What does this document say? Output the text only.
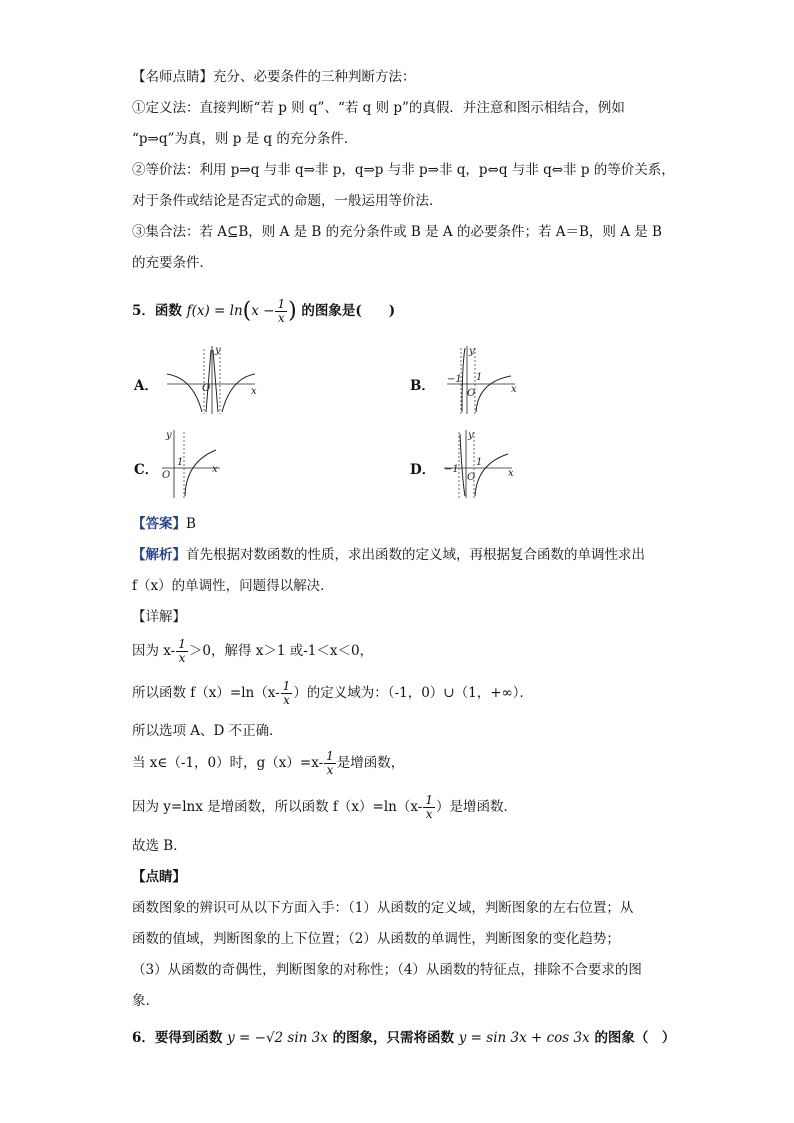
【名师点睛】充分、必要条件的三种判断方法：
①定义法：直接判断“若 p 则 q”、“若 q 则 p”的真假．并注意和图示相结合，例如
“p⇒q”为真，则 p 是 q 的充分条件．
②等价法：利用 p⇒q 与非 q⇒非 p，q⇒p 与非 p⇒非 q，p⇔q 与非 q⇔非 p 的等价关系，
对于条件或结论是否定式的命题，一般运用等价法．
③集合法：若 A⊆B，则 A 是 B 的充分条件或 B 是 A 的必要条件；若 A＝B，则 A 是 B
的充要条件．
5．函数 $f(x) = \ln(x - \frac{1}{x}$ ) 的图象是(　　)
A．	B．
C．	D．
O	x
y
O	x
y
−1 1
O
x
y
1
O	x
y
−1
1
【答案】B
【解析】首先根据对数函数的性质，求出函数的定义域，再根据复合函数的单调性求出
f（x）的单调性，问题得以解决．
【详解】
因为 $x- \frac{1}{x} >0$，解得 x＞1 或-1＜x＜0，
所以函数 $f(x)=\ln(x- \frac{1}{x}$ ）的定义域为：（-1，0）∪（1，+∞）．
所以选项 A、D 不正确．
当 x∈（-1，0）时，$g(x)=x- \frac{1}{x}$ 是增函数，
因为 y=lnx 是增函数，所以函数 $f(x)=\ln(x- \frac{1}{x}$ ）是增函数．
故选 B．
【点睛】
函数图象的辨识可从以下方面入手：（1）从函数的定义域，判断图象的左右位置；从
函数的值域，判断图象的上下位置；（2）从函数的单调性，判断图象的变化趋势；
（3）从函数的奇偶性，判断图象的对称性；（4）从函数的特征点，排除不合要求的图
象.
6．要得到函数 y = −√2 sin 3x 的图象，只需将函数 y = sin 3x + cos 3x 的图象（　）
